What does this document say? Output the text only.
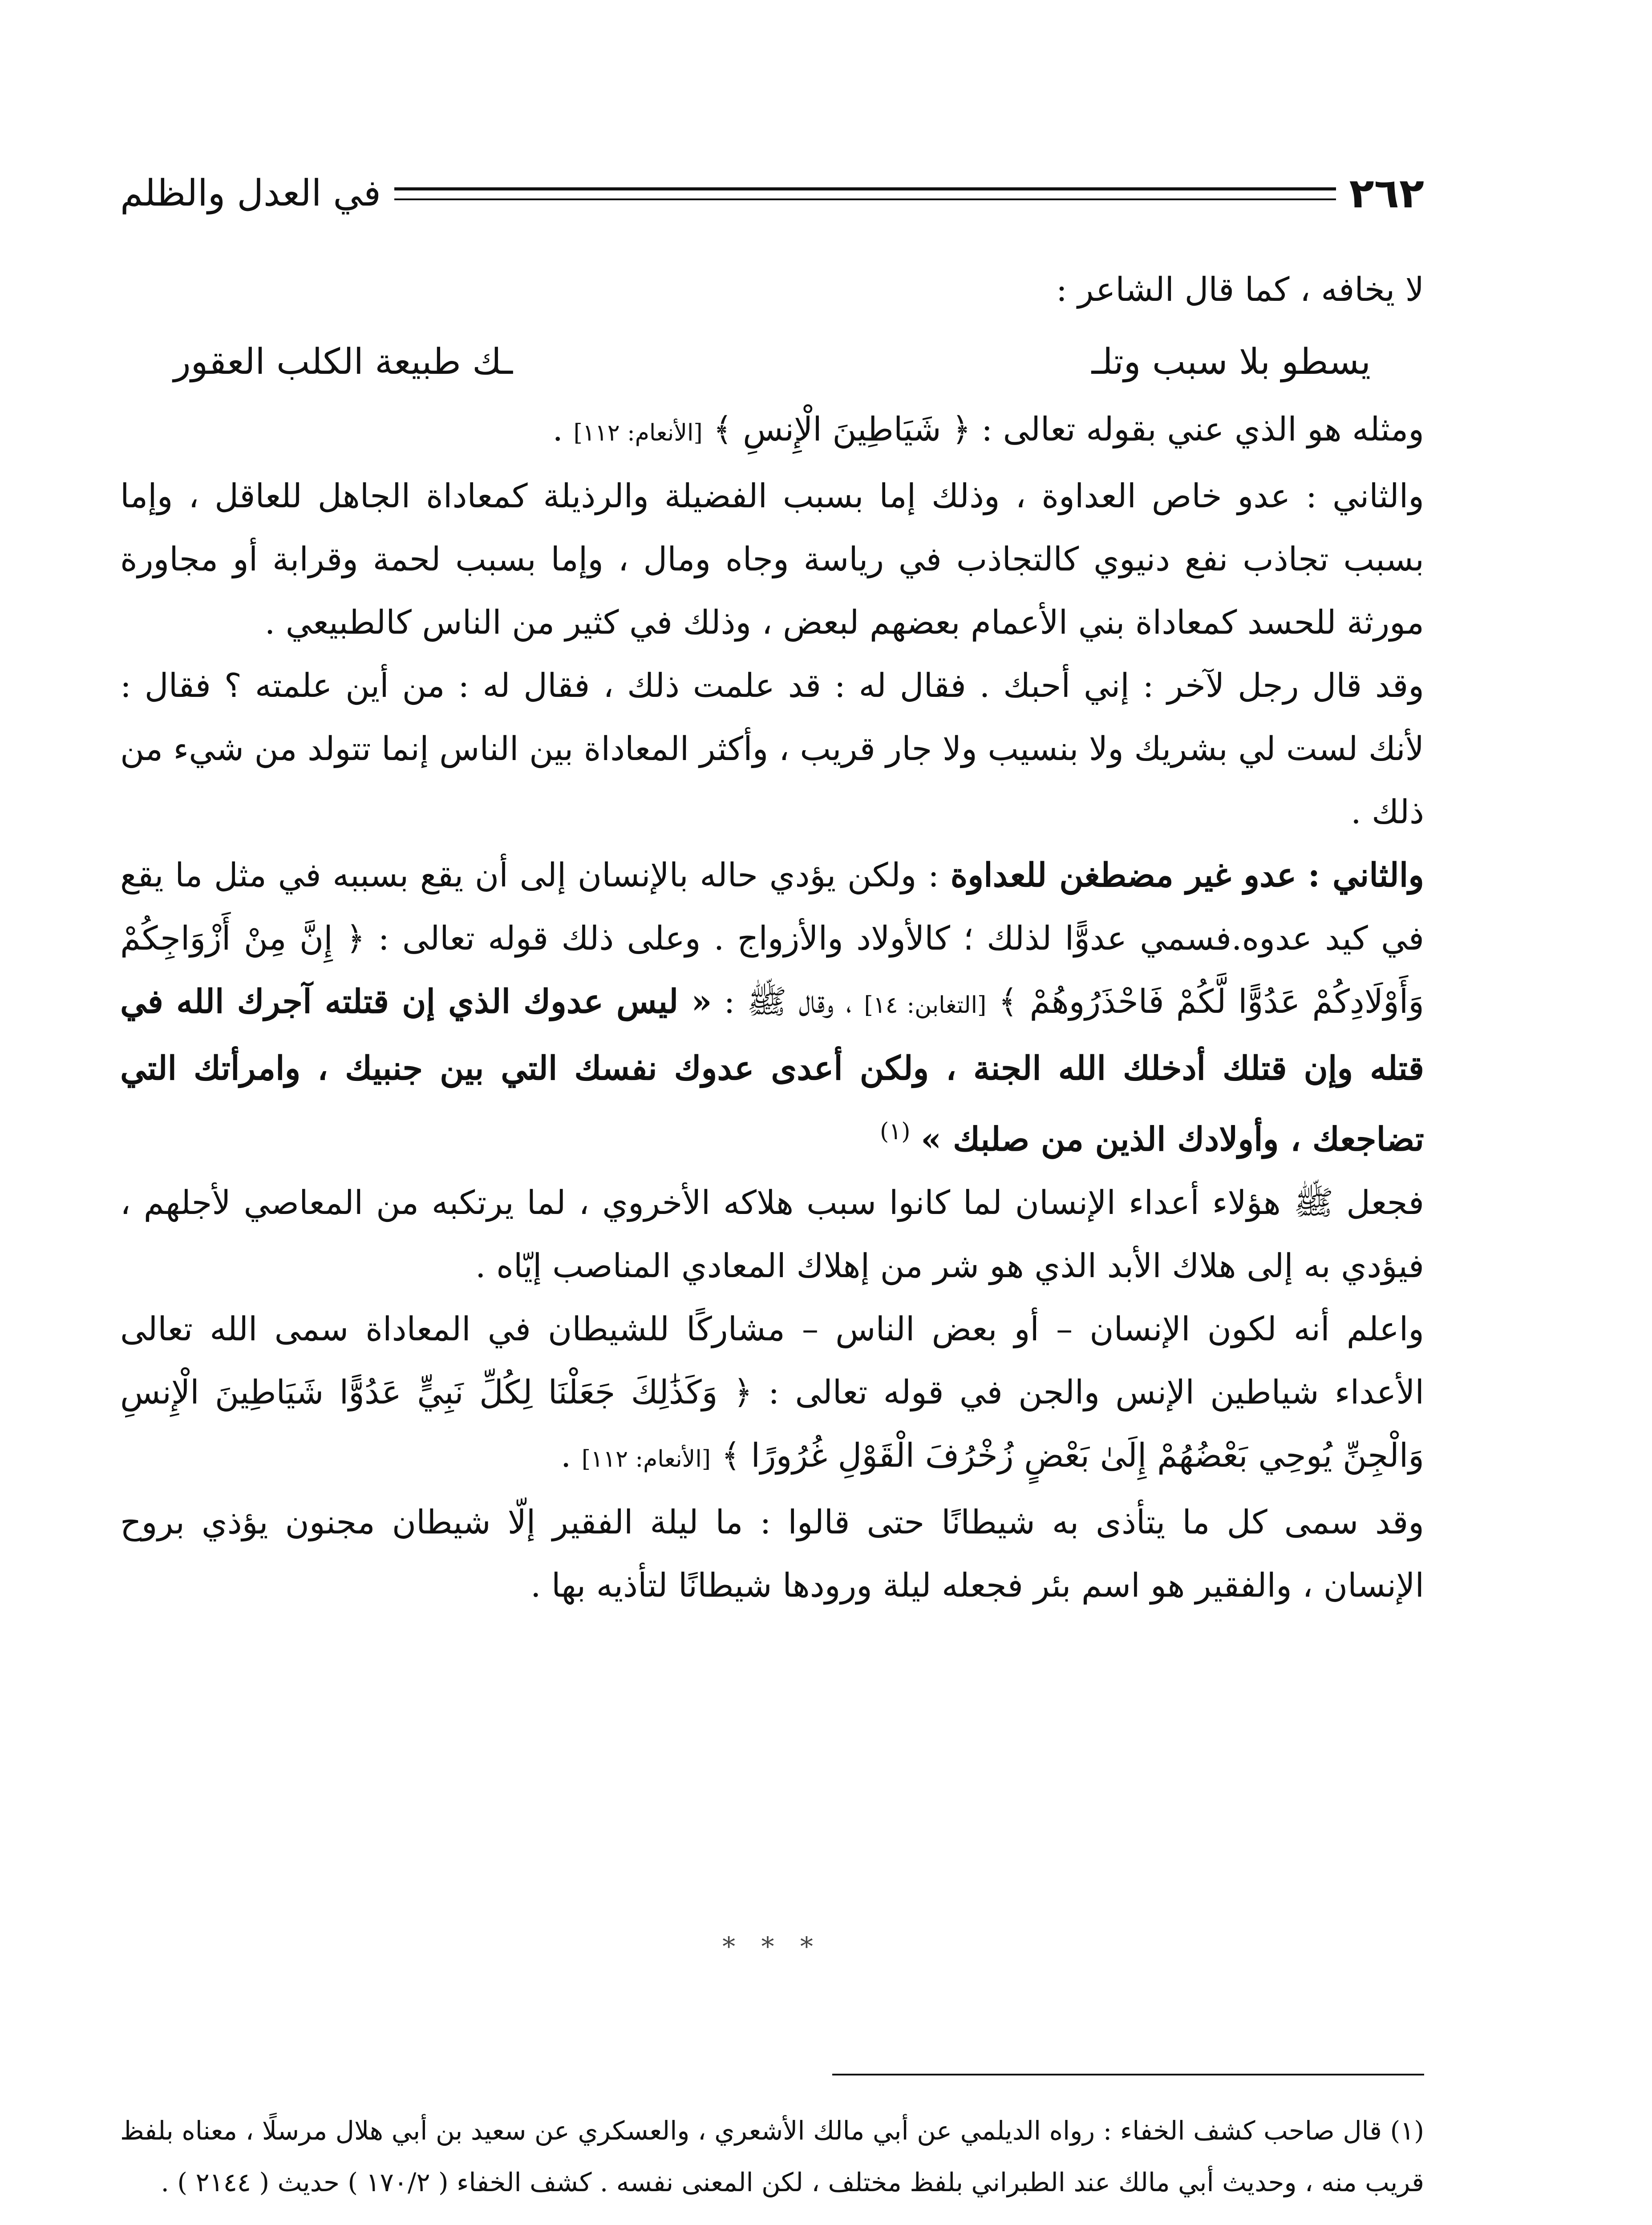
٢٦٢
في العدل والظلم

لا يخافه ، كما قال الشاعر :

يسطو بلا سبب وتلـ
ـك طبيعة الكلب العقور

ومثله هو الذي عني بقوله تعالى : ﴿ شَيَاطِينَ الْإِنسِ ﴾ [الأنعام: ١١٢] .

والثاني : عدو خاص العداوة ، وذلك إما بسبب الفضيلة والرذيلة كمعاداة الجاهل للعاقل ، وإما بسبب تجاذب نفع دنيوي كالتجاذب في رياسة وجاه ومال ، وإما بسبب لحمة وقرابة أو مجاورة مورثة للحسد كمعاداة بني الأعمام بعضهم لبعض ، وذلك في كثير من الناس كالطبيعي .

وقد قال رجل لآخر : إني أحبك . فقال له : قد علمت ذلك ، فقال له : من أين علمته ؟ فقال : لأنك لست لي بشريك ولا بنسيب ولا جار قريب ، وأكثر المعاداة بين الناس إنما تتولد من شيء من ذلك .

والثاني : عدو غير مضطغن للعداوة : ولكن يؤدي حاله بالإنسان إلى أن يقع بسببه في مثل ما يقع في كيد عدوه.فسمي عدوًّا لذلك ؛ كالأولاد والأزواج . وعلى ذلك قوله تعالى : ﴿ إِنَّ مِنْ أَزْوَاجِكُمْ وَأَوْلَادِكُمْ عَدُوًّا لَّكُمْ فَاحْذَرُوهُمْ ﴾ [التغابن: ١٤] ، وقال ﷺ : « ليس عدوك الذي إن قتلته آجرك الله في قتله وإن قتلك أدخلك الله الجنة ، ولكن أعدى عدوك نفسك التي بين جنبيك ، وامرأتك التي تضاجعك ، وأولادك الذين من صلبك » $^{(١)}$

فجعل ﷺ هؤلاء أعداء الإنسان لما كانوا سبب هلاكه الأخروي ، لما يرتكبه من المعاصي لأجلهم ، فيؤدي به إلى هلاك الأبد الذي هو شر من إهلاك المعادي المناصب إيّاه .

واعلم أنه لكون الإنسان – أو بعض الناس – مشاركًا للشيطان في المعاداة سمى الله تعالى الأعداء شياطين الإنس والجن في قوله تعالى : ﴿ وَكَذَٰلِكَ جَعَلْنَا لِكُلِّ نَبِيٍّ عَدُوًّا شَيَاطِينَ الْإِنسِ وَالْجِنِّ يُوحِي بَعْضُهُمْ إِلَىٰ بَعْضٍ زُخْرُفَ الْقَوْلِ غُرُورًا ﴾ [الأنعام: ١١٢] .

وقد سمى كل ما يتأذى به شيطانًا حتى قالوا : ما ليلة الفقير إلّا شيطان مجنون يؤذي بروح الإنسان ، والفقير هو اسم بئر فجعله ليلة ورودها شيطانًا لتأذيه بها .

* * *

(١) قال صاحب كشف الخفاء : رواه الديلمي عن أبي مالك الأشعري ، والعسكري عن سعيد بن أبي هلال مرسلًا ، معناه بلفظ قريب منه ، وحديث أبي مالك عند الطبراني بلفظ مختلف ، لكن المعنى نفسه . كشف الخفاء ( ١٧٠/٢ ) حديث ( ٢١٤٤ ) .
